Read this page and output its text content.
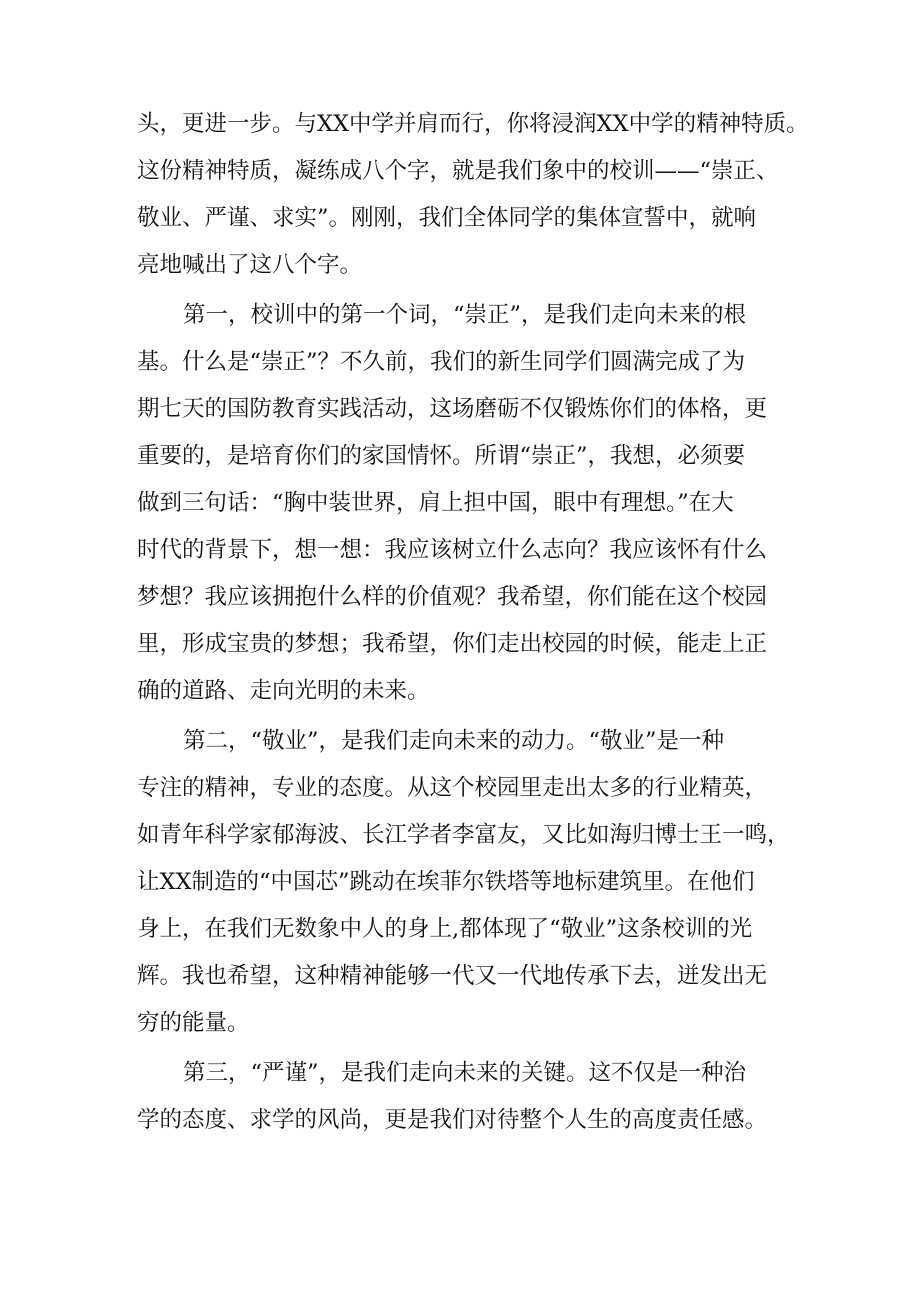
头，更进一步。与XX中学并肩而行，你将浸润XX中学的精神特质。
这份精神特质，凝练成八个字，就是我们象中的校训——“崇正、
敬业、严谨、求实”。刚刚，我们全体同学的集体宣誓中，就响
亮地喊出了这八个字。
第一，校训中的第一个词，“崇正”，是我们走向未来的根
基。什么是“崇正”？不久前，我们的新生同学们圆满完成了为
期七天的国防教育实践活动，这场磨砺不仅锻炼你们的体格，更
重要的，是培育你们的家国情怀。所谓“崇正”，我想，必须要
做到三句话：“胸中装世界，肩上担中国，眼中有理想。”在大
时代的背景下，想一想：我应该树立什么志向？我应该怀有什么
梦想？我应该拥抱什么样的价值观？我希望，你们能在这个校园
里，形成宝贵的梦想；我希望，你们走出校园的时候，能走上正
确的道路、走向光明的未来。
第二，“敬业”，是我们走向未来的动力。“敬业”是一种
专注的精神，专业的态度。从这个校园里走出太多的行业精英，
如青年科学家郁海波、长江学者李富友，又比如海归博士王一鸣，
让XX制造的“中国芯”跳动在埃菲尔铁塔等地标建筑里。在他们
身上，在我们无数象中人的身上,都体现了“敬业”这条校训的光
辉。我也希望，这种精神能够一代又一代地传承下去，迸发出无
穷的能量。
第三，“严谨”，是我们走向未来的关键。这不仅是一种治
学的态度、求学的风尚，更是我们对待整个人生的高度责任感。
